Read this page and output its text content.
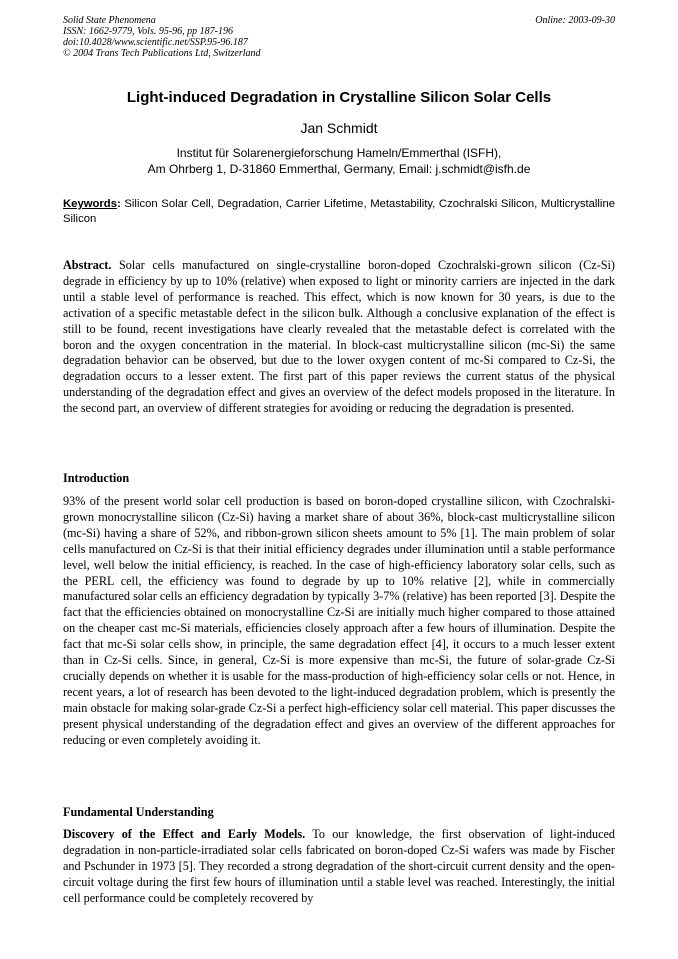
Solid State Phenomena
ISSN: 1662-9779, Vols. 95-96, pp 187-196
doi:10.4028/www.scientific.net/SSP.95-96.187
© 2004 Trans Tech Publications Ltd, Switzerland
Online: 2003-09-30
Light-induced Degradation in Crystalline Silicon Solar Cells
Jan Schmidt
Institut für Solarenergieforschung Hameln/Emmerthal (ISFH),
Am Ohrberg 1, D-31860 Emmerthal, Germany, Email: j.schmidt@isfh.de
Keywords: Silicon Solar Cell, Degradation, Carrier Lifetime, Metastability, Czochralski Silicon, Multicrystalline Silicon

Abstract. Solar cells manufactured on single-crystalline boron-doped Czochralski-grown silicon (Cz-Si) degrade in efficiency by up to 10% (relative) when exposed to light or minority carriers are injected in the dark until a stable level of performance is reached. This effect, which is now known for 30 years, is due to the activation of a specific metastable defect in the silicon bulk. Although a conclusive explanation of the effect is still to be found, recent investigations have clearly revealed that the metastable defect is correlated with the boron and the oxygen concentration in the material. In block-cast multicrystalline silicon (mc-Si) the same degradation behavior can be observed, but due to the lower oxygen content of mc-Si compared to Cz-Si, the degradation occurs to a lesser extent. The first part of this paper reviews the current status of the physical understanding of the degradation effect and gives an overview of the defect models proposed in the literature. In the second part, an overview of different strategies for avoiding or reducing the degradation is presented.

Introduction

93% of the present world solar cell production is based on boron-doped crystalline silicon, with Czochralski-grown monocrystalline silicon (Cz-Si) having a market share of about 36%, block-cast multicrystalline silicon (mc-Si) having a share of 52%, and ribbon-grown silicon sheets amount to 5% [1]. The main problem of solar cells manufactured on Cz-Si is that their initial efficiency degrades under illumination until a stable performance level, well below the initial efficiency, is reached. In the case of high-efficiency laboratory solar cells, such as the PERL cell, the efficiency was found to degrade by up to 10% relative [2], while in commercially manufactured solar cells an efficiency degradation by typically 3-7% (relative) has been reported [3]. Despite the fact that the efficiencies obtained on monocrystalline Cz-Si are initially much higher compared to those attained on the cheaper cast mc-Si materials, efficiencies closely approach after a few hours of illumination. Despite the fact that mc-Si solar cells show, in principle, the same degradation effect [4], it occurs to a much lesser extent than in Cz-Si cells. Since, in general, Cz-Si is more expensive than mc-Si, the future of solar-grade Cz-Si crucially depends on whether it is usable for the mass-production of high-efficiency solar cells or not. Hence, in recent years, a lot of research has been devoted to the light-induced degradation problem, which is presently the main obstacle for making solar-grade Cz-Si a perfect high-efficiency solar cell material. This paper discusses the present physical understanding of the degradation effect and gives an overview of the different approaches for reducing or even completely avoiding it.

Fundamental Understanding

Discovery of the Effect and Early Models. To our knowledge, the first observation of light-induced degradation in non-particle-irradiated solar cells fabricated on boron-doped Cz-Si wafers was made by Fischer and Pschunder in 1973 [5]. They recorded a strong degradation of the short-circuit current density and the open-circuit voltage during the first few hours of illumination until a stable level was reached. Interestingly, the initial cell performance could be completely recovered by
